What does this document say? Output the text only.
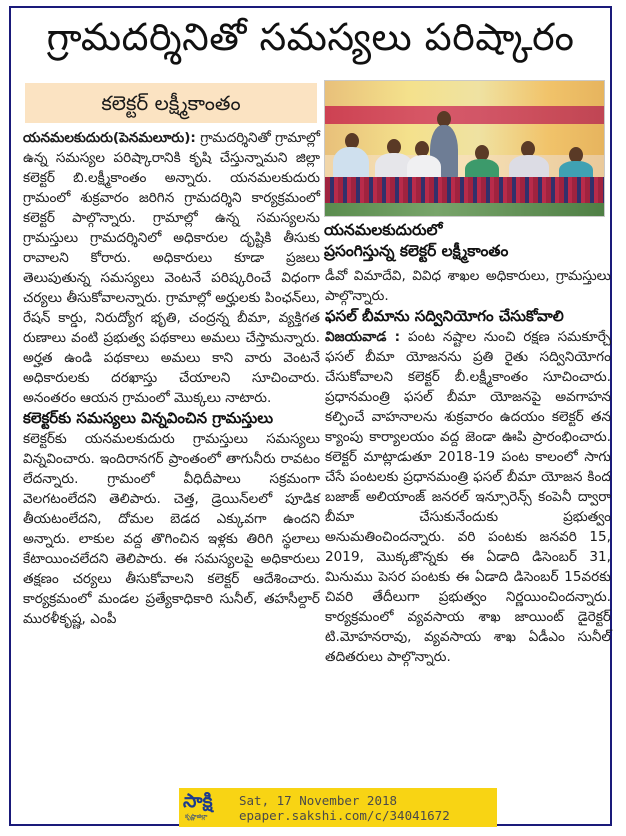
గ్రామదర్శినితో సమస్యలు పరిష్కారం
కలెక్టర్ లక్ష్మీకాంతం
యనమలకుదురులో
ప్రసంగిస్తున్న కలెక్టర్ లక్ష్మీకాంతం

యనమలకుదురు(పెనమలూరు): గ్రామదర్శినితో గ్రామాల్లో ఉన్న సమస్యల పరిష్కారానికి కృషి చేస్తున్నామని జిల్లా కలెక్టర్ బి.లక్ష్మీకాంతం అన్నారు. యనమలకుదురు గ్రామంలో శుక్రవారం జరిగిన గ్రామదర్శిని కార్యక్రమంలో కలెక్టర్ పాల్గొన్నారు. గ్రామాల్లో ఉన్న సమస్యలను గ్రామస్తులు గ్రామదర్శినిలో అధికారుల దృష్టికి తీసుకు రావాలని కోరారు. అధికారులు కూడా ప్రజలు తెలుపుతున్న సమస్యలు వెంటనే పరిష్కరించే విధంగా చర్యలు తీసుకోవాలన్నారు. గ్రామాల్లో అర్హులకు పింఛన్‌లు, రేషన్ కార్డు, నిరుద్యోగ భృతి, చంద్రన్న బీమా, వ్యక్తిగత రుణాలు వంటి ప్రభుత్వ పథకాలు అమలు చేస్తామన్నారు. అర్హత ఉండి పథకాలు అమలు కాని వారు వెంటనే అధికారులకు దరఖాస్తు చేయాలని సూచించారు. అనంతరం ఆయన గ్రామంలో మొక్కలు నాటారు.

కలెక్టర్‌కు సమస్యలు విన్నవించిన గ్రామస్తులు

కలెక్టర్‌కు యనమలకుదురు గ్రామస్తులు సమస్యలు విన్నవించారు. ఇందిరానగర్ ప్రాంతంలో తాగునీరు రావటం లేదన్నారు. గ్రామంలో వీధిదీపాలు సక్రమంగా వెలగటంలేదని తెలిపారు. చెత్త, డ్రెయిన్‌లలో పూడిక తీయటంలేదని, దోమల బెడద ఎక్కువగా ఉందని అన్నారు. లాకుల వద్ద తొగించిన ఇళ్లకు తిరిగి స్థలాలు కేటాయించలేదని తెలిపారు. ఈ సమస్యలపై అధికారులు తక్షణం చర్యలు తీసుకోవాలని కలెక్టర్ ఆదేశించారు. కార్యక్రమంలో మండల ప్రత్యేకాధికారి సునీల్, తహసీల్దార్ మురళీకృష్ణ, ఎంపీ

డీవో విమాదేవి, వివిధ శాఖల అధికారులు, గ్రామస్తులు పాల్గొన్నారు.

ఫసల్ బీమాను సద్వినియోగం చేసుకోవాలి

విజయవాడ : పంట నష్టాల నుంచి రక్షణ సమకూర్చే ఫసల్ బీమా యోజనను ప్రతి రైతు సద్వినియోగం చేసుకోవాలని కలెక్టర్ బీ.లక్ష్మీకాంతం సూచించారు. ప్రధానమంత్రి ఫసల్ బీమా యోజనపై అవగాహన కల్పించే వాహనాలను శుక్రవారం ఉదయం కలెక్టర్ తన క్యాంపు కార్యాలయం వద్ద జెండా ఊపి ప్రారంభించారు. కలెక్టర్ మాట్లాడుతూ 2018-19 పంట కాలంలో సాగు చేసే పంటలకు ప్రధానమంత్రి ఫసల్ బీమా యోజన కింద బజాజ్ అలియాంజ్ జనరల్ ఇన్సూరెన్స్ కంపెనీ ద్వారా బీమా చేసుకునేందుకు ప్రభుత్వం అనుమతించిందన్నారు. వరి పంటకు జనవరి 15, 2019, మొక్కజొన్నకు ఈ ఏడాది డిసెంబర్ 31, మినుము పెసర పంటకు ఈ ఏడాది డిసెంబర్ 15వరకు చివరి తేదీలుగా ప్రభుత్వం నిర్ణయించిందన్నారు. కార్యక్రమంలో వ్యవసాయ శాఖ జాయింట్ డైరెక్టర్ టి.మోహనరావు, వ్యవసాయ శాఖ ఏడీఎం సునీల్ తదితరులు పాల్గొన్నారు.

సాక్షి
కృష్ణాజిల్లా
Sat, 17 November 2018
epaper.sakshi.com/c/34041672
